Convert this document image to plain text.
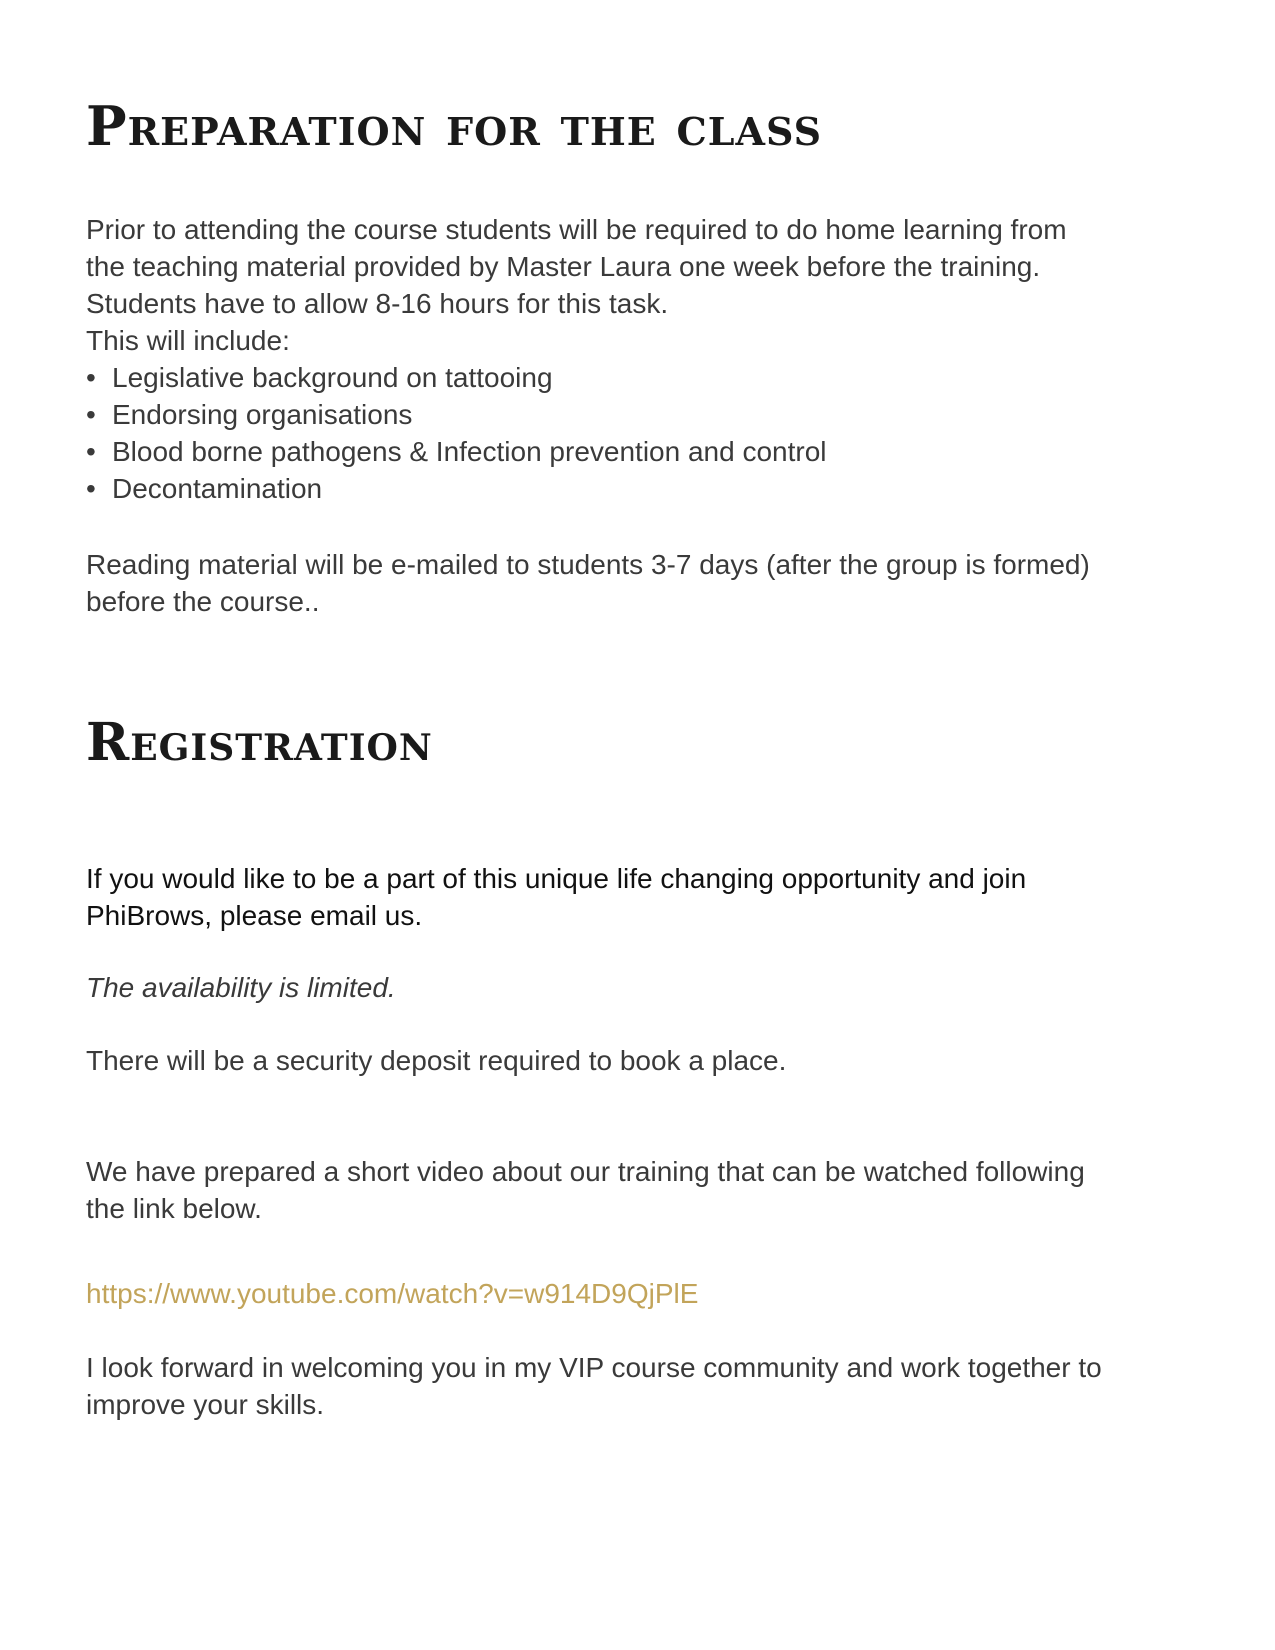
Preparation for the class

Prior to attending the course students will be required to do home learning from

the teaching material provided by Master Laura one week before the training.

Students have to allow 8-16 hours for this task.

This will include:

• Legislative background on tattooing
• Endorsing organisations
• Blood borne pathogens & Infection prevention and control
• Decontamination

Reading material will be e-mailed to students 3-7 days (after the group is formed)

before the course..

Registration

If you would like to be a part of this unique life changing opportunity and join

PhiBrows, please email us.

The availability is limited.

There will be a security deposit required to book a place.

We have prepared a short video about our training that can be watched following

the link below.

https://www.youtube.com/watch?v=w914D9QjPlE

I look forward in welcoming you in my VIP course community and work together to

improve your skills.
